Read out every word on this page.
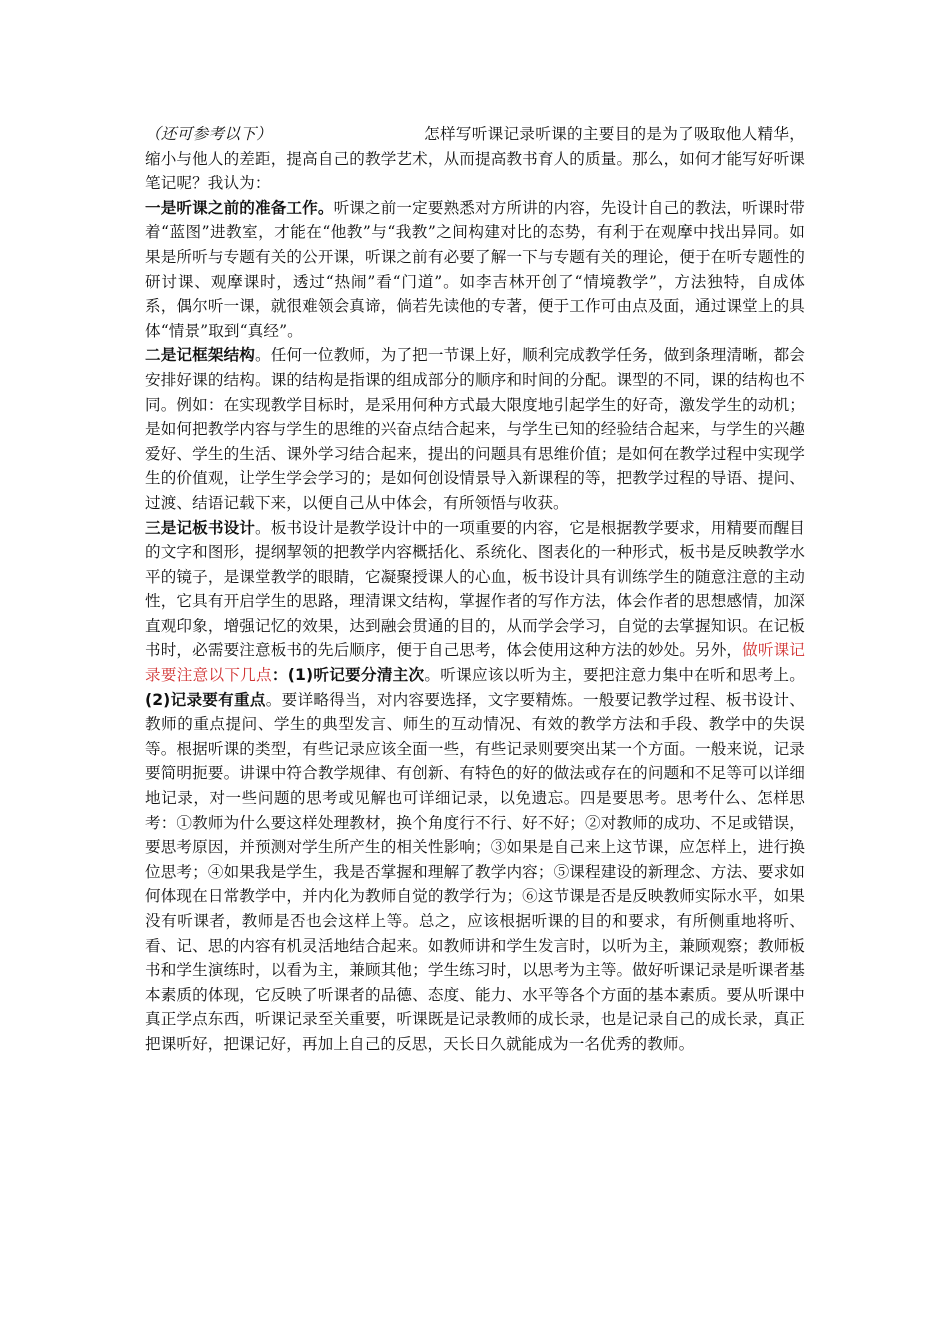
（还可参考以下）	怎样写听课记录听课的主要目的是为了吸取他人精华，缩小与他人的差距，提高自己的教学艺术，从而提高教书育人的质量。那么，如何才能写好听课笔记呢？我认为：

一是听课之前的准备工作。听课之前一定要熟悉对方所讲的内容，先设计自己的教法，听课时带着“蓝图”进教室，才能在“他教”与“我教”之间构建对比的态势，有利于在观摩中找出异同。如果是所听与专题有关的公开课，听课之前有必要了解一下与专题有关的理论，便于在听专题性的研讨课、观摩课时，透过“热闹”看“门道”。如李吉林开创了“情境教学”，方法独特，自成体系，偶尔听一课，就很难领会真谛，倘若先读他的专著，便于工作可由点及面，通过课堂上的具体“情景”取到“真经”。

二是记框架结构。任何一位教师，为了把一节课上好，顺利完成教学任务，做到条理清晰，都会安排好课的结构。课的结构是指课的组成部分的顺序和时间的分配。课型的不同，课的结构也不同。例如：在实现教学目标时，是采用何种方式最大限度地引起学生的好奇，激发学生的动机；是如何把教学内容与学生的思维的兴奋点结合起来，与学生已知的经验结合起来，与学生的兴趣爱好、学生的生活、课外学习结合起来，提出的问题具有思维价值；是如何在教学过程中实现学生的价值观，让学生学会学习的；是如何创设情景导入新课程的等，把教学过程的导语、提问、过渡、结语记载下来，以便自己从中体会，有所领悟与收获。

三是记板书设计。板书设计是教学设计中的一项重要的内容，它是根据教学要求，用精要而醒目的文字和图形，提纲挈领的把教学内容概括化、系统化、图表化的一种形式，板书是反映教学水平的镜子，是课堂教学的眼睛，它凝聚授课人的心血，板书设计具有训练学生的随意注意的主动性，它具有开启学生的思路，理清课文结构，掌握作者的写作方法，体会作者的思想感情，加深直观印象，增强记忆的效果，达到融会贯通的目的，从而学会学习，自觉的去掌握知识。在记板书时，必需要注意板书的先后顺序，便于自己思考，体会使用这种方法的妙处。另外，做听课记录要注意以下几点：(1)听记要分清主次。听课应该以听为主，要把注意力集中在听和思考上。(2)记录要有重点。要详略得当，对内容要选择，文字要精炼。一般要记教学过程、板书设计、教师的重点提问、学生的典型发言、师生的互动情况、有效的教学方法和手段、教学中的失误等。根据听课的类型，有些记录应该全面一些，有些记录则要突出某一个方面。一般来说，记录要简明扼要。讲课中符合教学规律、有创新、有特色的好的做法或存在的问题和不足等可以详细地记录，对一些问题的思考或见解也可详细记录，以免遗忘。四是要思考。思考什么、怎样思考：①教师为什么要这样处理教材，换个角度行不行、好不好；②对教师的成功、不足或错误，要思考原因，并预测对学生所产生的相关性影响；③如果是自己来上这节课，应怎样上，进行换位思考；④如果我是学生，我是否掌握和理解了教学内容；⑤课程建设的新理念、方法、要求如何体现在日常教学中，并内化为教师自觉的教学行为；⑥这节课是否是反映教师实际水平，如果没有听课者，教师是否也会这样上等。总之，应该根据听课的目的和要求，有所侧重地将听、看、记、思的内容有机灵活地结合起来。如教师讲和学生发言时，以听为主，兼顾观察；教师板书和学生演练时，以看为主，兼顾其他；学生练习时，以思考为主等。做好听课记录是听课者基本素质的体现，它反映了听课者的品德、态度、能力、水平等各个方面的基本素质。要从听课中真正学点东西，听课记录至关重要，听课既是记录教师的成长录，也是记录自己的成长录，真正把课听好，把课记好，再加上自己的反思，天长日久就能成为一名优秀的教师。
